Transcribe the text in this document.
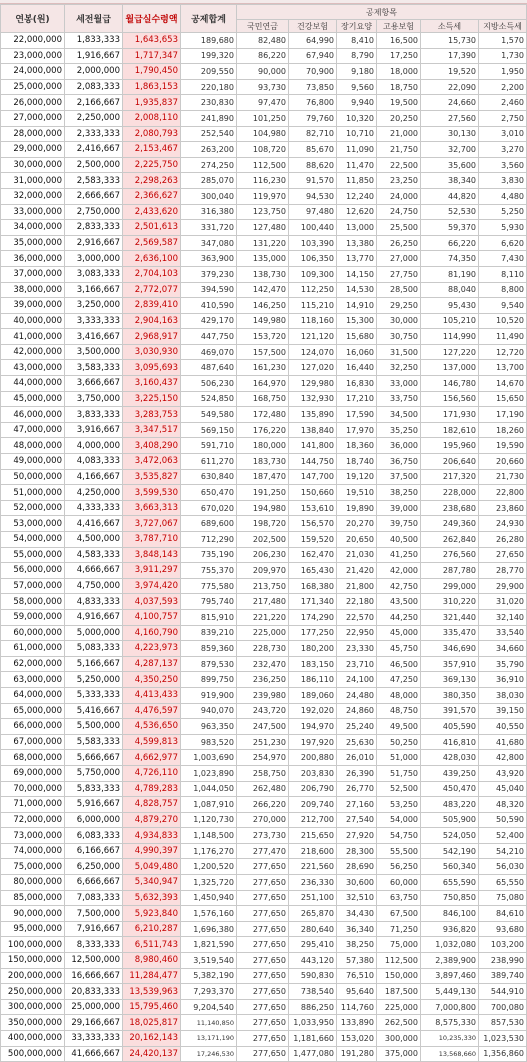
연봉(원)	세전월급	월급실수령액	공제합계	공제항목					
				국민연금	건강보험	장기요양	고용보험	소득세	지방소득세
22,000,000	1,833,333	1,643,653	189,680	82,480	64,990	8,410	16,500	15,730	1,570
23,000,000	1,916,667	1,717,347	199,320	86,220	67,940	8,790	17,250	17,390	1,730
24,000,000	2,000,000	1,790,450	209,550	90,000	70,900	9,180	18,000	19,520	1,950
25,000,000	2,083,333	1,863,153	220,180	93,730	73,850	9,560	18,750	22,090	2,200
26,000,000	2,166,667	1,935,837	230,830	97,470	76,800	9,940	19,500	24,660	2,460
27,000,000	2,250,000	2,008,110	241,890	101,250	79,760	10,320	20,250	27,560	2,750
28,000,000	2,333,333	2,080,793	252,540	104,980	82,710	10,710	21,000	30,130	3,010
29,000,000	2,416,667	2,153,467	263,200	108,720	85,670	11,090	21,750	32,700	3,270
30,000,000	2,500,000	2,225,750	274,250	112,500	88,620	11,470	22,500	35,600	3,560
31,000,000	2,583,333	2,298,263	285,070	116,230	91,570	11,850	23,250	38,340	3,830
32,000,000	2,666,667	2,366,627	300,040	119,970	94,530	12,240	24,000	44,820	4,480
33,000,000	2,750,000	2,433,620	316,380	123,750	97,480	12,620	24,750	52,530	5,250
34,000,000	2,833,333	2,501,613	331,720	127,480	100,440	13,000	25,500	59,370	5,930
35,000,000	2,916,667	2,569,587	347,080	131,220	103,390	13,380	26,250	66,220	6,620
36,000,000	3,000,000	2,636,100	363,900	135,000	106,350	13,770	27,000	74,350	7,430
37,000,000	3,083,333	2,704,103	379,230	138,730	109,300	14,150	27,750	81,190	8,110
38,000,000	3,166,667	2,772,077	394,590	142,470	112,250	14,530	28,500	88,040	8,800
39,000,000	3,250,000	2,839,410	410,590	146,250	115,210	14,910	29,250	95,430	9,540
40,000,000	3,333,333	2,904,163	429,170	149,980	118,160	15,300	30,000	105,210	10,520
41,000,000	3,416,667	2,968,917	447,750	153,720	121,120	15,680	30,750	114,990	11,490
42,000,000	3,500,000	3,030,930	469,070	157,500	124,070	16,060	31,500	127,220	12,720
43,000,000	3,583,333	3,095,693	487,640	161,230	127,020	16,440	32,250	137,000	13,700
44,000,000	3,666,667	3,160,437	506,230	164,970	129,980	16,830	33,000	146,780	14,670
45,000,000	3,750,000	3,225,150	524,850	168,750	132,930	17,210	33,750	156,560	15,650
46,000,000	3,833,333	3,283,753	549,580	172,480	135,890	17,590	34,500	171,930	17,190
47,000,000	3,916,667	3,347,517	569,150	176,220	138,840	17,970	35,250	182,610	18,260
48,000,000	4,000,000	3,408,290	591,710	180,000	141,800	18,360	36,000	195,960	19,590
49,000,000	4,083,333	3,472,063	611,270	183,730	144,750	18,740	36,750	206,640	20,660
50,000,000	4,166,667	3,535,827	630,840	187,470	147,700	19,120	37,500	217,320	21,730
51,000,000	4,250,000	3,599,530	650,470	191,250	150,660	19,510	38,250	228,000	22,800
52,000,000	4,333,333	3,663,313	670,020	194,980	153,610	19,890	39,000	238,680	23,860
53,000,000	4,416,667	3,727,067	689,600	198,720	156,570	20,270	39,750	249,360	24,930
54,000,000	4,500,000	3,787,710	712,290	202,500	159,520	20,650	40,500	262,840	26,280
55,000,000	4,583,333	3,848,143	735,190	206,230	162,470	21,030	41,250	276,560	27,650
56,000,000	4,666,667	3,911,297	755,370	209,970	165,430	21,420	42,000	287,780	28,770
57,000,000	4,750,000	3,974,420	775,580	213,750	168,380	21,800	42,750	299,000	29,900
58,000,000	4,833,333	4,037,593	795,740	217,480	171,340	22,180	43,500	310,220	31,020
59,000,000	4,916,667	4,100,757	815,910	221,220	174,290	22,570	44,250	321,440	32,140
60,000,000	5,000,000	4,160,790	839,210	225,000	177,250	22,950	45,000	335,470	33,540
61,000,000	5,083,333	4,223,973	859,360	228,730	180,200	23,330	45,750	346,690	34,660
62,000,000	5,166,667	4,287,137	879,530	232,470	183,150	23,710	46,500	357,910	35,790
63,000,000	5,250,000	4,350,250	899,750	236,250	186,110	24,100	47,250	369,130	36,910
64,000,000	5,333,333	4,413,433	919,900	239,980	189,060	24,480	48,000	380,350	38,030
65,000,000	5,416,667	4,476,597	940,070	243,720	192,020	24,860	48,750	391,570	39,150
66,000,000	5,500,000	4,536,650	963,350	247,500	194,970	25,240	49,500	405,590	40,550
67,000,000	5,583,333	4,599,813	983,520	251,230	197,920	25,630	50,250	416,810	41,680
68,000,000	5,666,667	4,662,977	1,003,690	254,970	200,880	26,010	51,000	428,030	42,800
69,000,000	5,750,000	4,726,110	1,023,890	258,750	203,830	26,390	51,750	439,250	43,920
70,000,000	5,833,333	4,789,283	1,044,050	262,480	206,790	26,770	52,500	450,470	45,040
71,000,000	5,916,667	4,828,757	1,087,910	266,220	209,740	27,160	53,250	483,220	48,320
72,000,000	6,000,000	4,879,270	1,120,730	270,000	212,700	27,540	54,000	505,900	50,590
73,000,000	6,083,333	4,934,833	1,148,500	273,730	215,650	27,920	54,750	524,050	52,400
74,000,000	6,166,667	4,990,397	1,176,270	277,470	218,600	28,300	55,500	542,190	54,210
75,000,000	6,250,000	5,049,480	1,200,520	277,650	221,560	28,690	56,250	560,340	56,030
80,000,000	6,666,667	5,340,947	1,325,720	277,650	236,330	30,600	60,000	655,590	65,550
85,000,000	7,083,333	5,632,393	1,450,940	277,650	251,100	32,510	63,750	750,850	75,080
90,000,000	7,500,000	5,923,840	1,576,160	277,650	265,870	34,430	67,500	846,100	84,610
95,000,000	7,916,667	6,210,287	1,696,380	277,650	280,640	36,340	71,250	936,820	93,680
100,000,000	8,333,333	6,511,743	1,821,590	277,650	295,410	38,250	75,000	1,032,080	103,200
150,000,000	12,500,000	8,980,460	3,519,540	277,650	443,120	57,380	112,500	2,389,900	238,990
200,000,000	16,666,667	11,284,477	5,382,190	277,650	590,830	76,510	150,000	3,897,460	389,740
250,000,000	20,833,333	13,539,963	7,293,370	277,650	738,540	95,640	187,500	5,449,130	544,910
300,000,000	25,000,000	15,795,460	9,204,540	277,650	886,250	114,760	225,000	7,000,800	700,080
350,000,000	29,166,667	18,025,817	11,140,850	277,650	1,033,950	133,890	262,500	8,575,330	857,530
400,000,000	33,333,333	20,162,143	13,171,190	277,650	1,181,660	153,020	300,000	10,235,330	1,023,530
500,000,000	41,666,667	24,420,137	17,246,530	277,650	1,477,080	191,280	375,000	13,568,660	1,356,860
